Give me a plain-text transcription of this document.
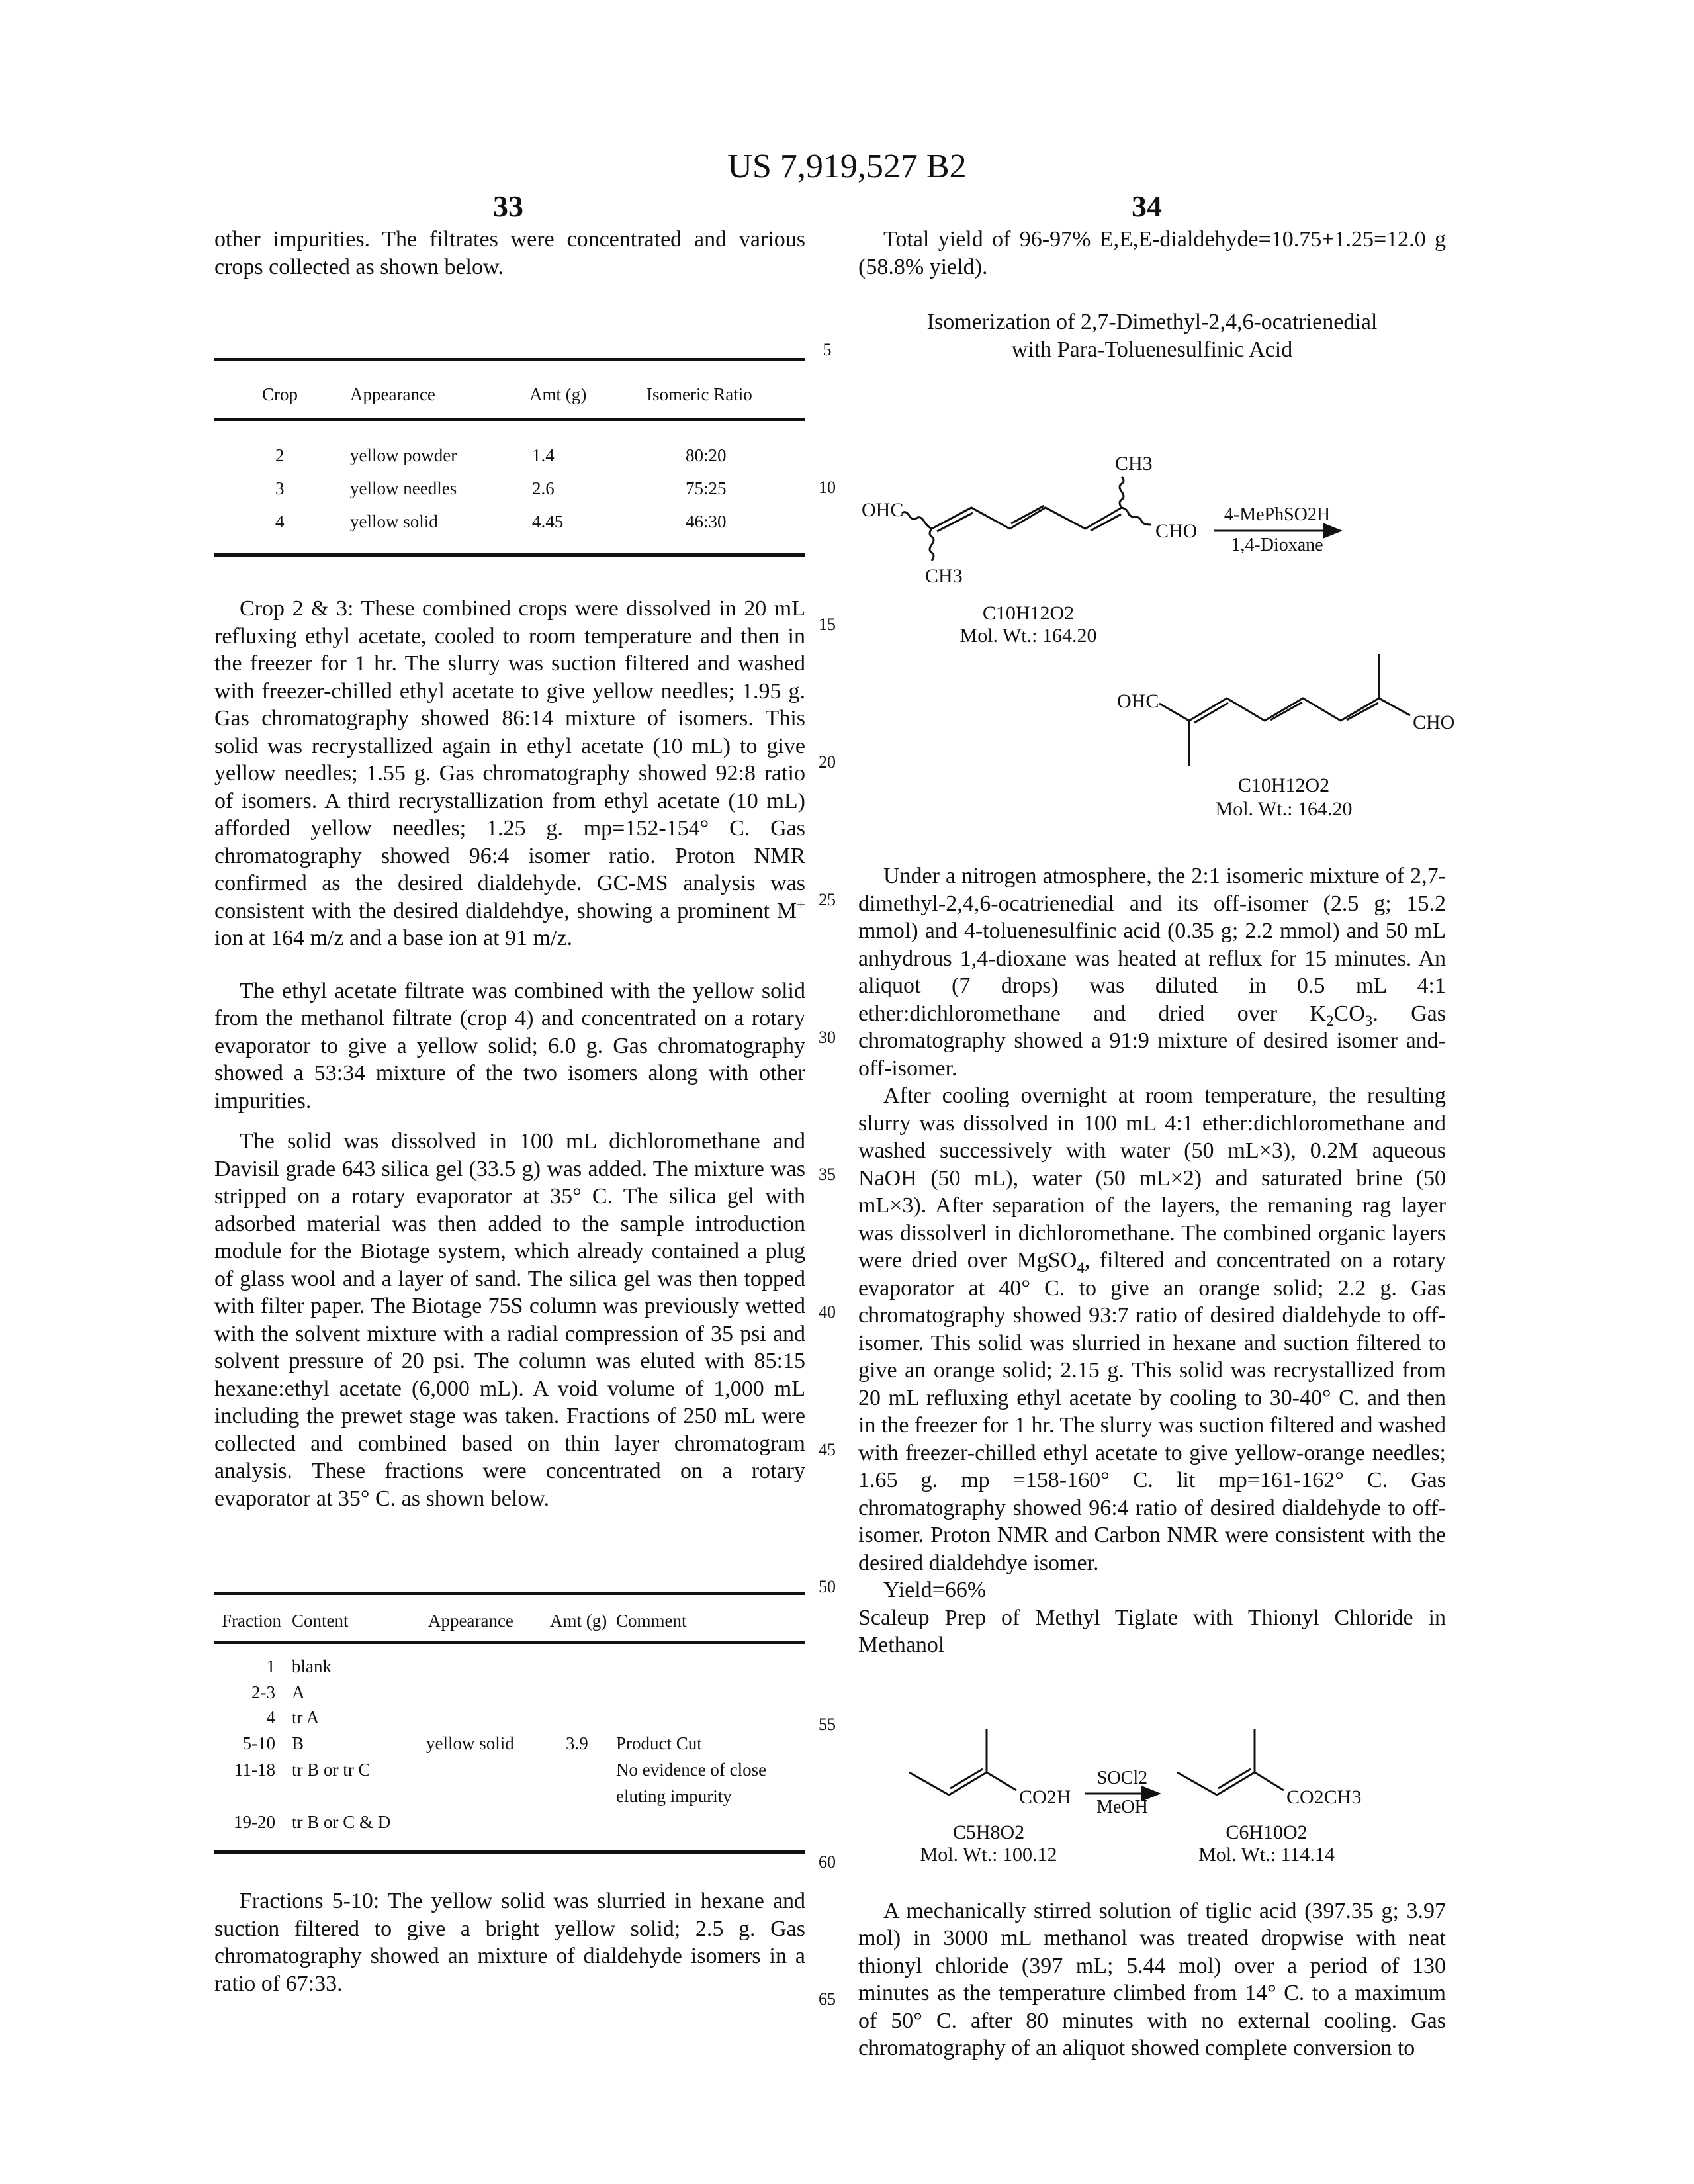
US 7,919,527 B2
33	34
5
10
15
20
25
30
35
40
45
50
55
60
65
other impurities. The filtrates were concentrated and various crops collected as shown below.
Crop	Appearance	Amt (g)	Isomeric Ratio
2	yellow powder	1.4	80:20
3	yellow needles	2.6	75:25
4	yellow solid	4.45	46:30
Crop 2 & 3: These combined crops were dissolved in 20 mL refluxing ethyl acetate, cooled to room temperature and then in the freezer for 1 hr. The slurry was suction filtered and washed with freezer-chilled ethyl acetate to give yellow needles; 1.95 g. Gas chromatography showed 86:14 mixture of isomers. This solid was recrystallized again in ethyl acetate (10 mL) to give yellow needles; 1.55 g. Gas chromatography showed 92:8 ratio of isomers. A third recrystallization from ethyl acetate (10 mL) afforded yellow needles; 1.25 g. mp=152-154° C. Gas chromatography showed 96:4 isomer ratio. Proton NMR confirmed as the desired dialdehyde. GC-MS analysis was consistent with the desired dialdehdye, showing a prominent M+ ion at 164 m/z and a base ion at 91 m/z.
The ethyl acetate filtrate was combined with the yellow solid from the methanol filtrate (crop 4) and concentrated on a rotary evaporator to give a yellow solid; 6.0 g. Gas chromatography showed a 53:34 mixture of the two isomers along with other impurities.
The solid was dissolved in 100 mL dichloromethane and Davisil grade 643 silica gel (33.5 g) was added. The mixture was stripped on a rotary evaporator at 35° C. The silica gel with adsorbed material was then added to the sample introduction module for the Biotage system, which already contained a plug of glass wool and a layer of sand. The silica gel was then topped with filter paper. The Biotage 75S column was previously wetted with the solvent mixture with a radial compression of 35 psi and solvent pressure of 20 psi. The column was eluted with 85:15 hexane:ethyl acetate (6,000 mL). A void volume of 1,000 mL including the prewet stage was taken. Fractions of 250 mL were collected and combined based on thin layer chromatogram analysis. These fractions were concentrated on a rotary evaporator at 35° C. as shown below.
Fraction Content	Appearance Amt (g) Comment
1 blank
2-3 A
4 tr A
5-10 B	yellow solid	3.9 Product Cut
11-18 tr B or tr C	No evidence of close
eluting impurity
19-20 tr B or C & D
Fractions 5-10: The yellow solid was slurried in hexane and suction filtered to give a bright yellow solid; 2.5 g. Gas chromatography showed an mixture of dialdehyde isomers in a ratio of 67:33.
Total yield of 96-97% E,E,E-dialdehyde=10.75+1.25=12.0 g (58.8% yield).
Isomerization of 2,7-Dimethyl-2,4,6-ocatrienedial
with Para-Toluenesulfinic Acid
OHC
CHO
CH3
CH3
4-MePhSO2H
1,4-Dioxane
C10H12O2
Mol. Wt.: 164.20
OHC
CHO
C10H12O2
Mol. Wt.: 164.20
Under a nitrogen atmosphere, the 2:1 isomeric mixture of 2,7-dimethyl-2,4,6-ocatrienedial and its off-isomer (2.5 g; 15.2 mmol) and 4-toluenesulfinic acid (0.35 g; 2.2 mmol) and 50 mL anhydrous 1,4-dioxane was heated at reflux for 15 minutes. An aliquot (7 drops) was diluted in 0.5 mL 4:1 ether:dichloromethane and dried over K2CO3. Gas chromatography showed a 91:9 mixture of desired isomer and-off-isomer.
After cooling overnight at room temperature, the resulting slurry was dissolved in 100 mL 4:1 ether:dichloromethane and washed successively with water (50 mL×3), 0.2M aqueous NaOH (50 mL), water (50 mL×2) and saturated brine (50 mL×3). After separation of the layers, the remaning rag layer was dissolverl in dichloromethane. The combined organic layers were dried over MgSO4, filtered and concentrated on a rotary evaporator at 40° C. to give an orange solid; 2.2 g. Gas chromatography showed 93:7 ratio of desired dialdehyde to off-isomer. This solid was slurried in hexane and suction filtered to give an orange solid; 2.15 g. This solid was recrystallized from 20 mL refluxing ethyl acetate by cooling to 30-40° C. and then in the freezer for 1 hr. The slurry was suction filtered and washed with freezer-chilled ethyl acetate to give yellow-orange needles; 1.65 g. mp =158-160° C. lit mp=161-162° C. Gas chromatography showed 96:4 ratio of desired dialdehyde to off-isomer. Proton NMR and Carbon NMR were consistent with the desired dialdehdye isomer.
Yield=66%
Scaleup Prep of Methyl Tiglate with Thionyl Chloride in Methanol
CO2H
SOCl2
MeOH
C5H8O2
Mol. Wt.: 100.12
CO2CH3
C6H10O2
Mol. Wt.: 114.14
A mechanically stirred solution of tiglic acid (397.35 g; 3.97 mol) in 3000 mL methanol was treated dropwise with neat thionyl chloride (397 mL; 5.44 mol) over a period of 130 minutes as the temperature climbed from 14° C. to a maximum of 50° C. after 80 minutes with no external cooling. Gas chromatography of an aliquot showed complete conversion to
